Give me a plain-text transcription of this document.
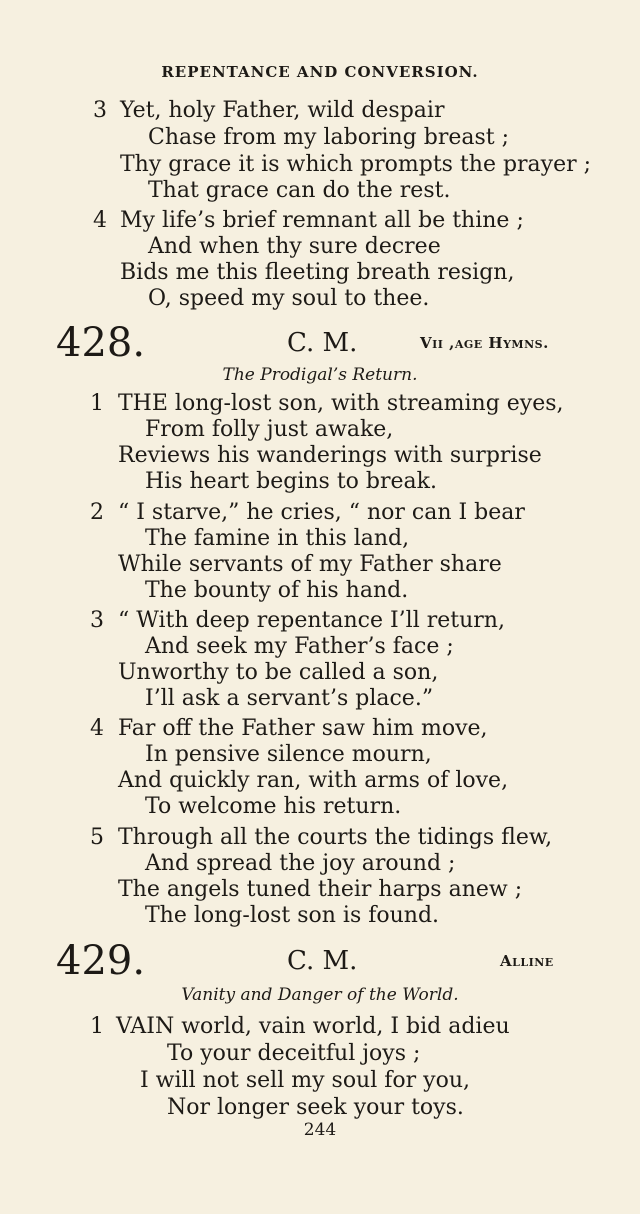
REPENTANCE AND CONVERSION.
3 Yet, holy Father, wild despair
Chase from my laboring breast ;
Thy grace it is which prompts the prayer ;
That grace can do the rest.
4 My life’s brief remnant all be thine ;
And when thy sure decree
Bids me this fleeting breath resign,
O, speed my soul to thee.
428.	C. M.	Vii ,age Hymns.
The Prodigal’s Return.
1 THE long-lost son, with streaming eyes,
From folly just awake,
Reviews his wanderings with surprise
His heart begins to break.
2 “ I starve,” he cries, “ nor can I bear
The famine in this land,
While servants of my Father share
The bounty of his hand.
3 “ With deep repentance I’ll return,
And seek my Father’s face ;
Unworthy to be called a son,
I’ll ask a servant’s place.”
4 Far off the Father saw him move,
In pensive silence mourn,
And quickly ran, with arms of love,
To welcome his return.
5 Through all the courts the tidings flew,
And spread the joy around ;
The angels tuned their harps anew ;
The long-lost son is found.
429.	C. M.	Alline
Vanity and Danger of the World.
1 VAIN world, vain world, I bid adieu
To your deceitful joys ;
I will not sell my soul for you,
Nor longer seek your toys.
244
